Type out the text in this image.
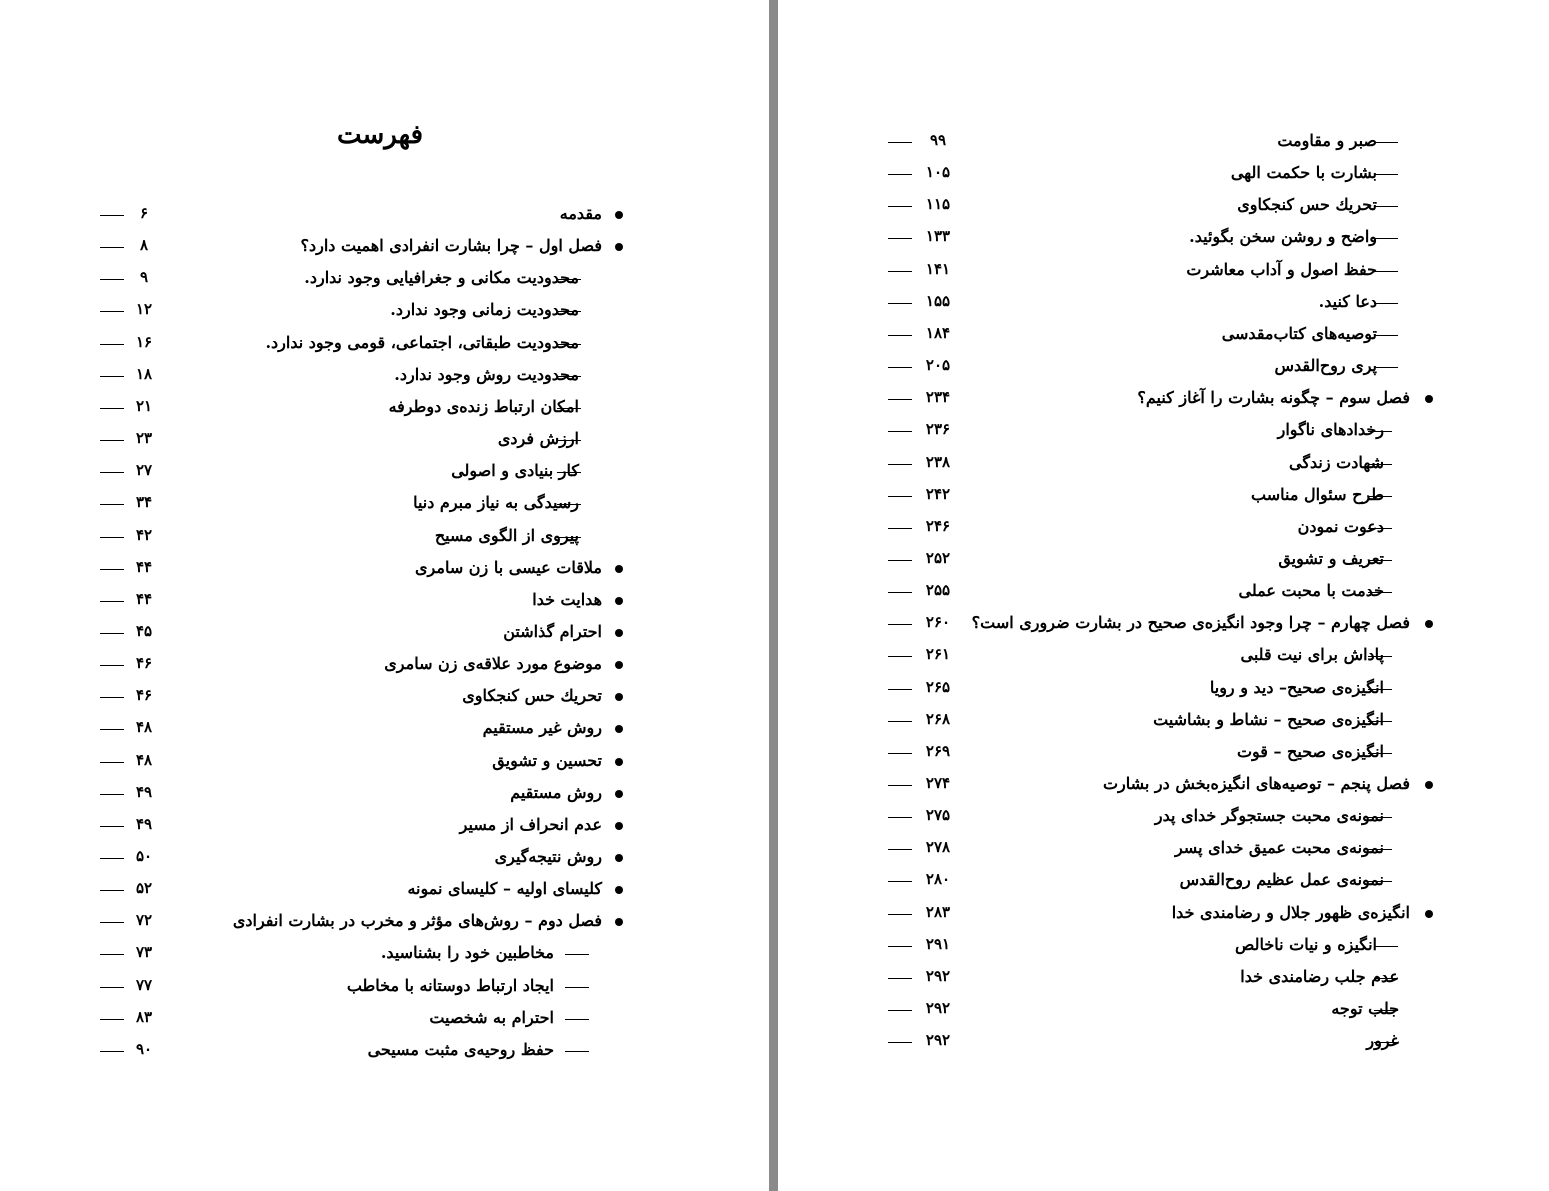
فهرست
۶	مقدمه
۸	فصل اول – چرا بشارت انفرادی اهمیت دارد؟
۹	محدودیت مکانی و جغرافیایی وجود ندارد.
۱۲	محدودیت زمانی وجود ندارد.
۱۶	محدودیت طبقاتی، اجتماعی، قومی وجود ندارد.
۱۸	محدودیت روش وجود ندارد.
۲۱	امکان ارتباط زنده‌ی دوطرفه
۲۳	ارزش فردی
۲۷	کار بنیادی و اصولی
۳۴	رسیدگی به نیاز مبرم دنیا
۴۲	پیروی از الگوی مسیح
۴۴	ملاقات عیسی با زن سامری
۴۴	هدایت خدا
۴۵	احترام گذاشتن
۴۶	موضوع مورد علاقه‌ی زن سامری
۴۶	تحریك حس کنجکاوی
۴۸	روش غیر مستقیم
۴۸	تحسین و تشویق
۴۹	روش مستقیم
۴۹	عدم انحراف از مسیر
۵۰	روش نتیجه‌گیری
۵۲	کلیسای اولیه – کلیسای نمونه
۷۲	فصل دوم – روش‌های مؤثر و مخرب در بشارت انفرادی
۷۳	مخاطبین خود را بشناسید.
۷۷	ایجاد ارتباط دوستانه با مخاطب
۸۳	احترام به شخصیت
۹۰	حفظ روحیه‌ی مثبت مسیحی
۹۹	صبر و مقاومت
۱۰۵	بشارت با حکمت الهی
۱۱۵	تحریك حس کنجکاوی
۱۳۳	واضح و روشن سخن بگوئید.
۱۴۱	حفظ اصول و آداب معاشرت
۱۵۵	دعا کنید.
۱۸۴	توصیه‌های کتاب‌مقدسی
۲۰۵	پری روح‌القدس
۲۳۴	فصل سوم – چگونه بشارت را آغاز کنیم؟
۲۳۶	رخدادهای ناگوار
۲۳۸	شهادت زندگی
۲۴۲	طرح سئوال مناسب
۲۴۶	دعوت نمودن
۲۵۲	تعریف و تشویق
۲۵۵	خدمت با محبت عملی
۲۶۰	فصل چهارم – چرا وجود انگیزه‌ی صحیح در بشارت ضروری است؟
۲۶۱	پاداش برای نیت قلبی
۲۶۵	انگیزه‌ی صحیح– دید و رویا
۲۶۸	انگیزه‌ی صحیح – نشاط و بشاشیت
۲۶۹	انگیزه‌ی صحیح – قوت
۲۷۴	فصل پنجم – توصیه‌های انگیزه‌بخش در بشارت
۲۷۵	نمونه‌ی محبت جستجوگر خدای پدر
۲۷۸	نمونه‌ی محبت عمیق خدای پسر
۲۸۰	نمونه‌ی عمل عظیم روح‌القدس
۲۸۳	انگیزه‌ی ظهور جلال و رضامندی خدا
۲۹۱	انگیزه و نیات ناخالص
۲۹۲	عدم جلب رضامندی خدا
۲۹۲	جلب توجه
۲۹۲	غرور
